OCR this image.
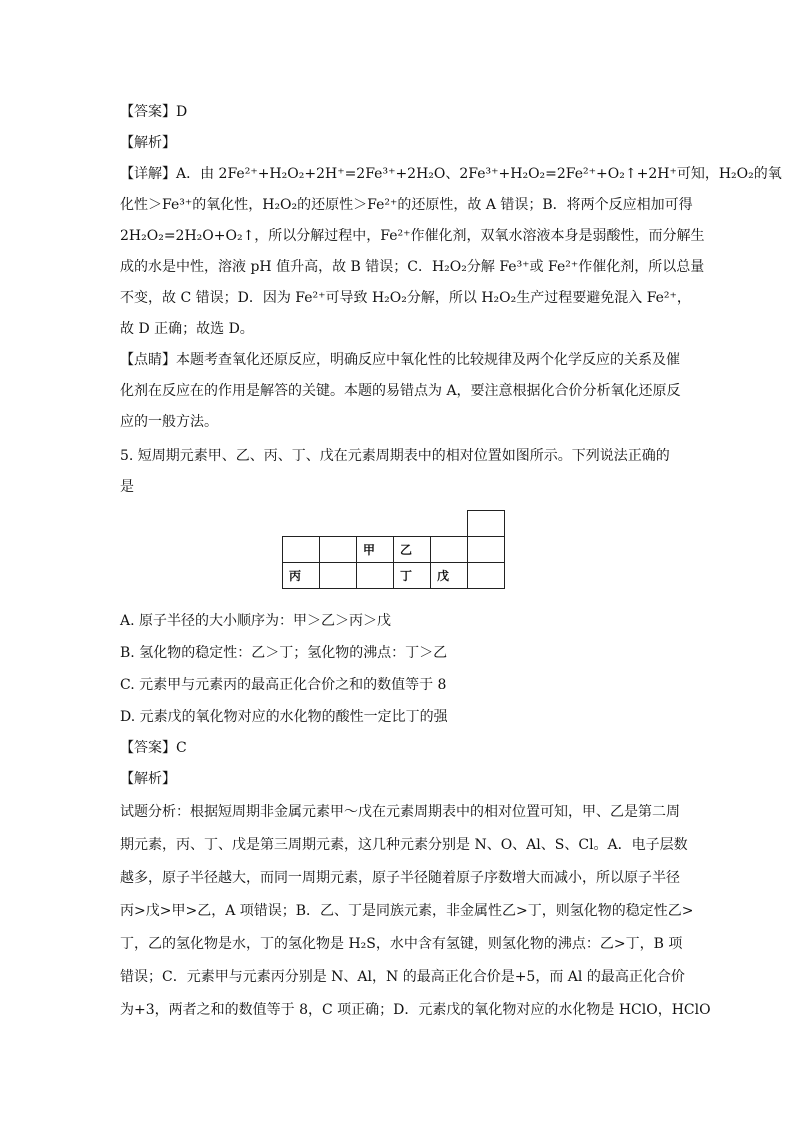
【答案】D
【解析】
【详解】A．由 2Fe²⁺+H₂O₂+2H⁺=2Fe³⁺+2H₂O、2Fe³⁺+H₂O₂=2Fe²⁺+O₂↑+2H⁺可知，H₂O₂的氧
化性＞Fe³⁺的氧化性，H₂O₂的还原性＞Fe²⁺的还原性，故 A 错误；B．将两个反应相加可得
2H₂O₂=2H₂O+O₂↑，所以分解过程中，Fe²⁺作催化剂，双氧水溶液本身是弱酸性，而分解生
成的水是中性，溶液 pH 值升高，故 B 错误；C．H₂O₂分解 Fe³⁺或 Fe²⁺作催化剂，所以总量
不变，故 C 错误；D．因为 Fe²⁺可导致 H₂O₂分解，所以 H₂O₂生产过程要避免混入 Fe²⁺，
故 D 正确；故选 D。
【点睛】本题考查氧化还原反应，明确反应中氧化性的比较规律及两个化学反应的关系及催
化剂在反应在的作用是解答的关键。本题的易错点为 A，要注意根据化合价分析氧化还原反
应的一般方法。
5. 短周期元素甲、乙、丙、丁、戊在元素周期表中的相对位置如图所示。下列说法正确的
是

		甲	乙		
丙			丁	戊	
A. 原子半径的大小顺序为：甲＞乙＞丙＞戊
B. 氢化物的稳定性：乙＞丁；氢化物的沸点：丁＞乙
C. 元素甲与元素丙的最高正化合价之和的数值等于 8
D. 元素戊的氧化物对应的水化物的酸性一定比丁的强
【答案】C
【解析】
试题分析：根据短周期非金属元素甲～戊在元素周期表中的相对位置可知，甲、乙是第二周
期元素，丙、丁、戊是第三周期元素，这几种元素分别是 N、O、Al、S、Cl。A．电子层数
越多，原子半径越大，而同一周期元素，原子半径随着原子序数增大而减小，所以原子半径
丙>戊>甲>乙，A 项错误；B．乙、丁是同族元素，非金属性乙>丁，则氢化物的稳定性乙>
丁，乙的氢化物是水，丁的氢化物是 H₂S，水中含有氢键，则氢化物的沸点：乙>丁，B 项
错误；C．元素甲与元素丙分别是 N、Al，N 的最高正化合价是+5，而 Al 的最高正化合价
为+3，两者之和的数值等于 8，C 项正确；D．元素戊的氧化物对应的水化物是 HClO，HClO
